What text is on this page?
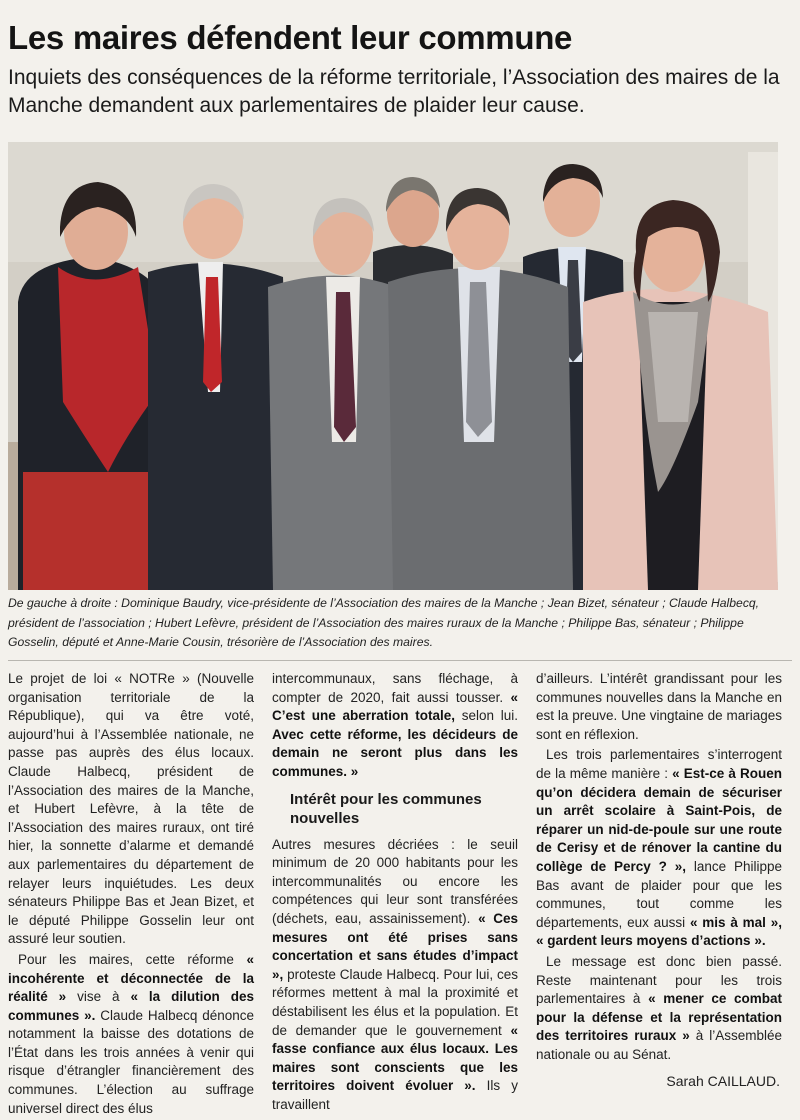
Les maires défendent leur commune
Inquiets des conséquences de la réforme territoriale, l’Association des maires de la Manche demandent aux parlementaires de plaider leur cause.
De gauche à droite : Dominique Baudry, vice-présidente de l’Association des maires de la Manche ; Jean Bizet, sénateur ; Claude Halbecq, président de l’association ; Hubert Lefèvre, président de l’Association des maires ruraux de la Manche ; Philippe Bas, sénateur ; Philippe Gosselin, député et Anne-Marie Cousin, trésorière de l’Association des maires.

Le projet de loi « NOTRe » (Nouvelle organisation territoriale de la République), qui va être voté, aujourd’hui à l’Assemblée nationale, ne passe pas auprès des élus locaux. Claude Halbecq, président de l’Association des maires de la Manche, et Hubert Lefèvre, à la tête de l’Association des maires ruraux, ont tiré hier, la sonnette d’alarme et demandé aux parlementaires du département de relayer leurs inquiétudes. Les deux sénateurs Philippe Bas et Jean Bizet, et le député Philippe Gosselin leur ont assuré leur soutien.

Pour les maires, cette réforme « incohérente et déconnectée de la réalité » vise à « la dilution des communes ». Claude Halbecq dénonce notamment la baisse des dotations de l’État dans les trois années à venir qui risque d’étrangler financièrement des communes. L’élection au suffrage universel direct des élus

intercommunaux, sans fléchage, à compter de 2020, fait aussi tousser. « C’est une aberration totale, selon lui. Avec cette réforme, les décideurs de demain ne seront plus dans les communes. »

Intérêt pour les communes nouvelles

Autres mesures décriées : le seuil minimum de 20 000 habitants pour les intercommunalités ou encore les compétences qui leur sont transférées (déchets, eau, assainissement). « Ces mesures ont été prises sans concertation et sans études d’impact », proteste Claude Halbecq. Pour lui, ces réformes mettent à mal la proximité et déstabilisent les élus et la population. Et de demander que le gouvernement « fasse confiance aux élus locaux. Les maires sont conscients que les territoires doivent évoluer ». Ils y travaillent

d’ailleurs. L’intérêt grandissant pour les communes nouvelles dans la Manche en est la preuve. Une vingtaine de mariages sont en réflexion.

Les trois parlementaires s’interrogent de la même manière : « Est-ce à Rouen qu’on décidera demain de sécuriser un arrêt scolaire à Saint-Pois, de réparer un nid-de-poule sur une route de Cerisy et de rénover la cantine du collège de Percy ? », lance Philippe Bas avant de plaider pour que les communes, tout comme les départements, eux aussi « mis à mal », « gardent leurs moyens d’actions ».

Le message est donc bien passé. Reste maintenant pour les trois parlementaires à « mener ce combat pour la défense et la représentation des territoires ruraux » à l’Assemblée nationale ou au Sénat.

Sarah CAILLAUD.
